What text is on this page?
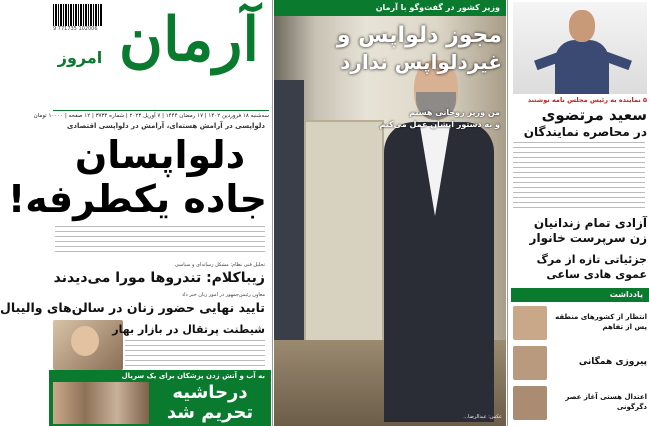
9 771735 102006 آرمان
امروز
سه‌شنبه ۱۸ فروردین ۱۴۰۲ | ۱۷ رمضان ۱۴۴۴ | ۷ آوریل ۲۰۲۳ | شماره ۳۷۳۴ | ۱۲ صفحه | ۱۰۰۰۰ تومان
دلواپسی در آرامش هسته‌ای، آرامش در دلواپسی اقتصادی
دلواپسان
جاده یکطرفه!
تحلیل فنی نظام: مشکل رسانه‌ای و سیاسی
زیباکلام: تندروها مورا می‌دیدند
معاون رئیس‌جمهور در امور زنان خبر داد
تایید نهایی حضور زنان در سالن‌های والیبال
شیطنت پرتقال در بازار بهار
به آب و آتش زدن پزشکان برای یک سریال
درحاشیه
تحریم شد
وزیر کشور در گفت‌وگو با آرمان
مجوز دلواپس و
غیردلواپس ندارد
من وزیر روحانی هستم
و به دستور ایشان عمل می‌کنم
عکس: عبدالرضا...
۵ نماینده به رئیس مجلس نامه نوشتند
سعید مرتضوی
در محاصره نمایندگان
آزادی تمام زندانیان
زن سرپرست خانوار
جزئیاتی تازه از مرگ
عموی هادی ساعی
یادداشت
انتظار از کشورهای منطقه پس از تفاهم
پیروزی همگانی
اعتدال هستی آغاز عصر دگرگونی
